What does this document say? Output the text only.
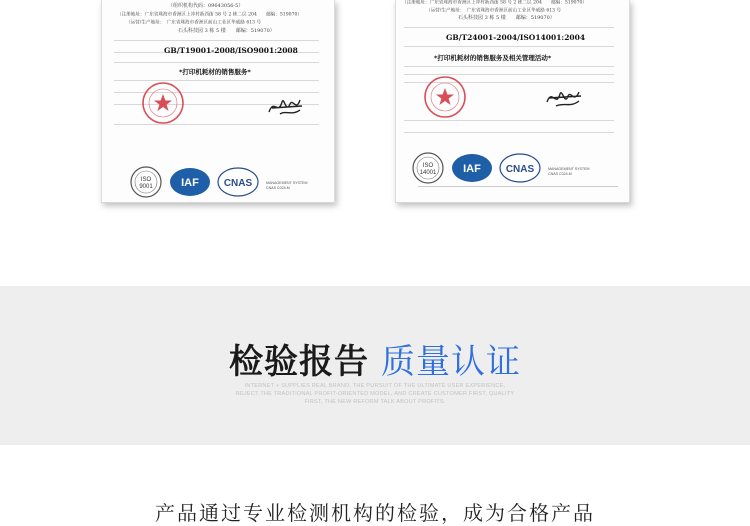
（组织机构代码：09643056-5）
（注册地址：广东省珠海市香洲区上冲村新西街 58 号 2 栋二层 204　　邮编：519070）
（运营/生产地址：　广东省珠海市香洲区前山工业区华威路 613 号
石头科技园 3 栋 5 楼　　邮编：519070）
GB/T19001-2008/ISO9001:2008
*打印机耗材的销售服务*
ISO
9001	IAF CNAS	MANAGEMENT SYSTEM
CNAS C024-M
（注册地址：广东省珠海市香洲区上冲村新西街 58 号 2 栋二层 204　　邮编：519070）
（运营/生产地址：　广东省珠海市香洲区前山工业区华威路 613 号
石头科技园 3 栋 5 楼　　邮编：519070）
GB/T24001-2004/ISO14001:2004
*打印机耗材的销售服务及相关管理活动*
ISO
14001 IAF CNAS	MANAGEMENT SYSTEM
CNAS C024-M
检验报告 质量认证
INTERNET + SUPPLIES REAL BRAND, THE PURSUIT OF THE ULTIMATE USER EXPERIENCE,
REJECT THE TRADITIONAL PROFIT-ORIENTED MODEL, AND CREATE CUSTOMER FIRST, QUALITY
FIRST, THE NEW REFORM TALK ABOUT PROFITS.
产品通过专业检测机构的检验，成为合格产品
